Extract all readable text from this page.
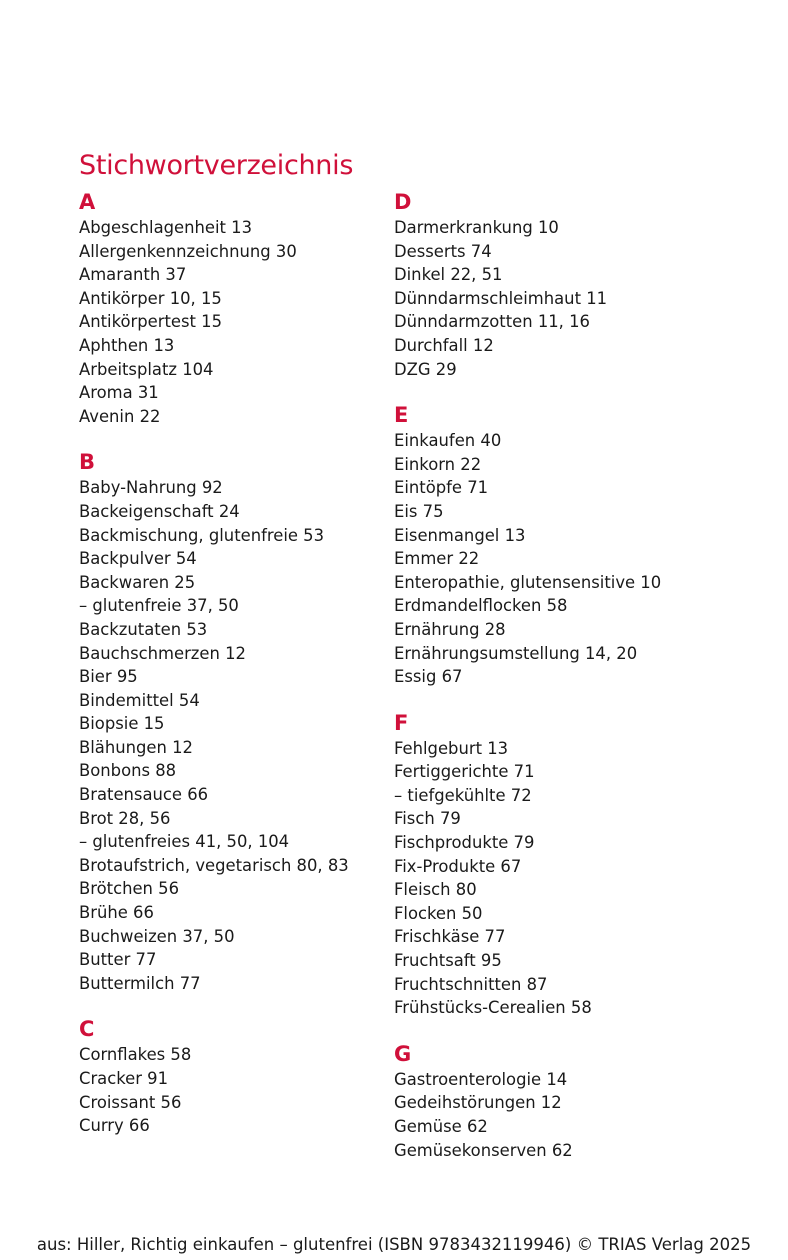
Stichwortverzeichnis
A
Abgeschlagenheit 13
Allergenkennzeichnung 30
Amaranth 37
Antikörper 10, 15
Antikörpertest 15
Aphthen 13
Arbeitsplatz 104
Aroma 31
Avenin 22
B
Baby-Nahrung 92
Backeigenschaft 24
Backmischung, glutenfreie 53
Backpulver 54
Backwaren 25
– glutenfreie 37, 50
Backzutaten 53
Bauchschmerzen 12
Bier 95
Bindemittel 54
Biopsie 15
Blähungen 12
Bonbons 88
Bratensauce 66
Brot 28, 56
– glutenfreies 41, 50, 104
Brotaufstrich, vegetarisch 80, 83
Brötchen 56
Brühe 66
Buchweizen 37, 50
Butter 77
Buttermilch 77
C
Cornflakes 58
Cracker 91
Croissant 56
Curry 66
D
Darmerkrankung 10
Desserts 74
Dinkel 22, 51
Dünndarmschleimhaut 11
Dünndarmzotten 11, 16
Durchfall 12
DZG 29
E
Einkaufen 40
Einkorn 22
Eintöpfe 71
Eis 75
Eisenmangel 13
Emmer 22
Enteropathie, glutensensitive 10
Erdmandelflocken 58
Ernährung 28
Ernährungsumstellung 14, 20
Essig 67
F
Fehlgeburt 13
Fertiggerichte 71
– tiefgekühlte 72
Fisch 79
Fischprodukte 79
Fix-Produkte 67
Fleisch 80
Flocken 50
Frischkäse 77
Fruchtsaft 95
Fruchtschnitten 87
Frühstücks-Cerealien 58
G
Gastroenterologie 14
Gedeihstörungen 12
Gemüse 62
Gemüsekonserven 62
aus: Hiller, Richtig einkaufen – glutenfrei (ISBN 9783432119946) © TRIAS Verlag 2025
